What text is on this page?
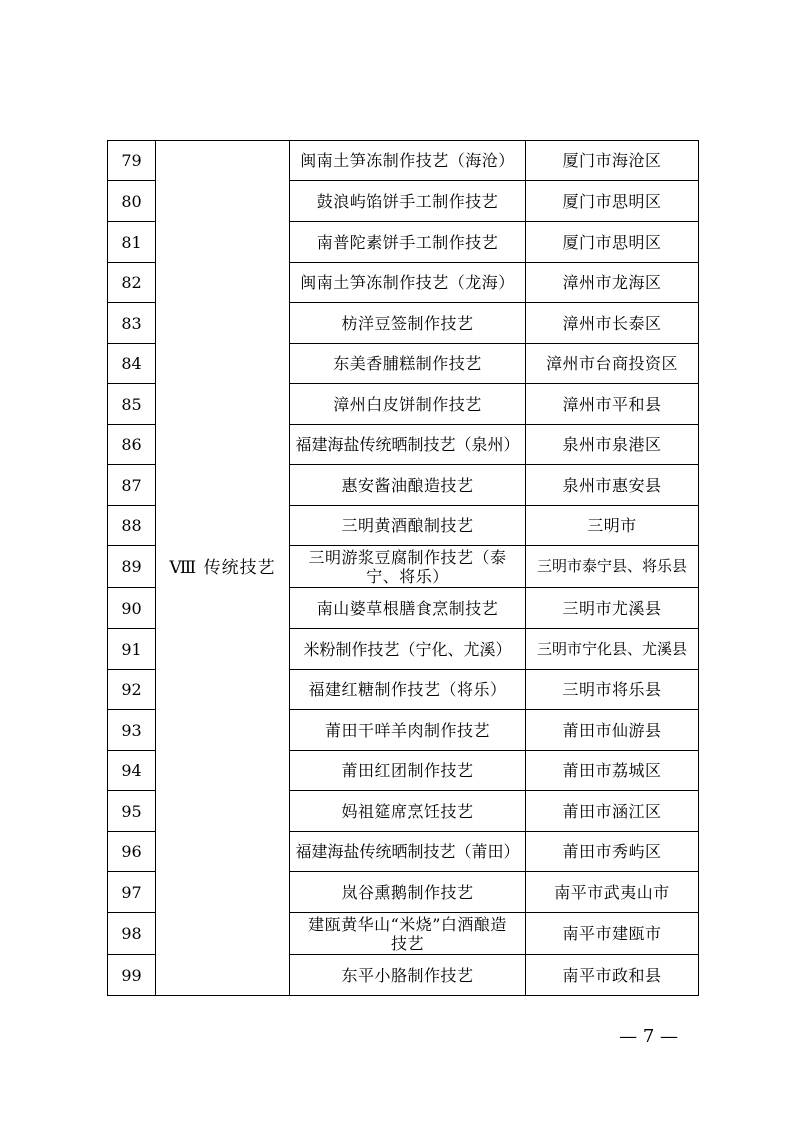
79	Ⅷ 传统技艺	闽南土笋冻制作技艺（海沧）	厦门市海沧区
80		鼓浪屿馅饼手工制作技艺	厦门市思明区
81		南普陀素饼手工制作技艺	厦门市思明区
82		闽南土笋冻制作技艺（龙海）	漳州市龙海区
83		枋洋豆签制作技艺	漳州市长泰区
84		东美香脯糕制作技艺	漳州市台商投资区
85		漳州白皮饼制作技艺	漳州市平和县
86		福建海盐传统晒制技艺（泉州）	泉州市泉港区
87		惠安酱油酿造技艺	泉州市惠安县
88		三明黄酒酿制技艺	三明市
89		三明游浆豆腐制作技艺（泰宁、将乐）	三明市泰宁县、将乐县
90		南山婆草根膳食烹制技艺	三明市尤溪县
91		米粉制作技艺（宁化、尤溪）	三明市宁化县、尤溪县
92		福建红糖制作技艺（将乐）	三明市将乐县
93		莆田干咩羊肉制作技艺	莆田市仙游县
94		莆田红团制作技艺	莆田市荔城区
95		妈祖筵席烹饪技艺	莆田市涵江区
96		福建海盐传统晒制技艺（莆田）	莆田市秀屿区
97		岚谷熏鹅制作技艺	南平市武夷山市
98		建瓯黄华山“米烧”白酒酿造技艺	南平市建瓯市
99		东平小胳制作技艺	南平市政和县
— 7 —
